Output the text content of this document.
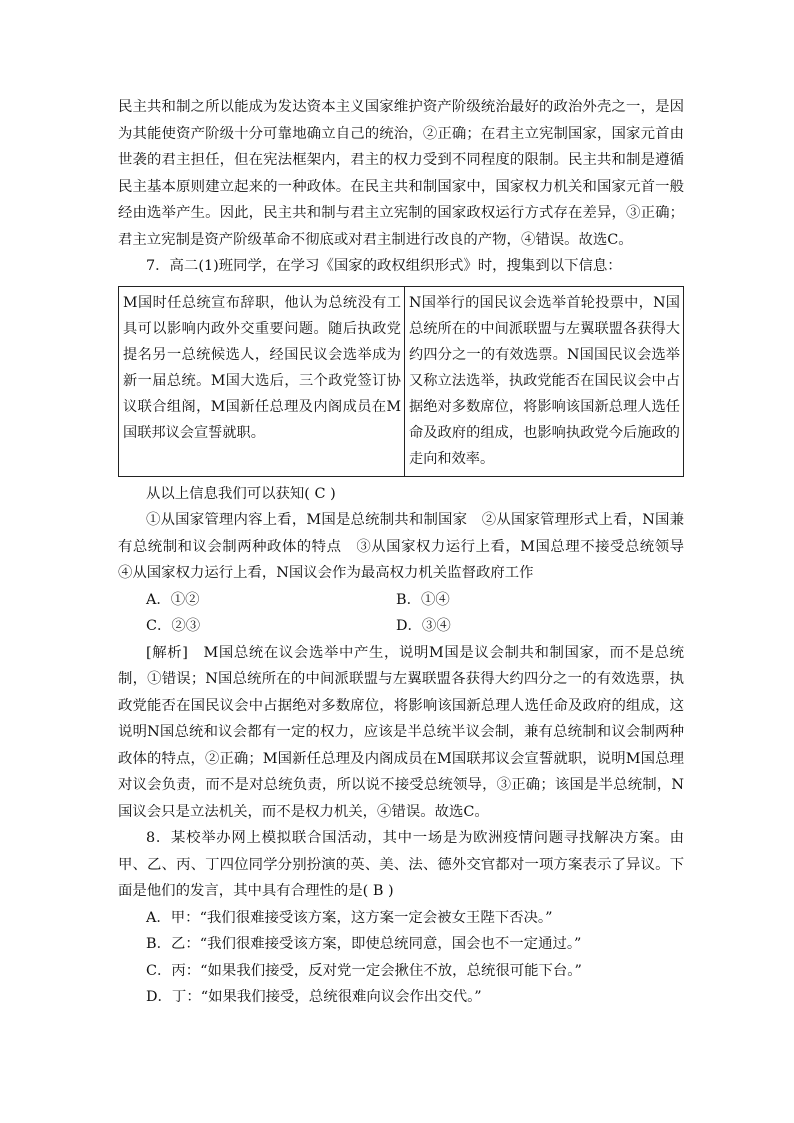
民主共和制之所以能成为发达资本主义国家维护资产阶级统治最好的政治外壳之一，是因为其能使资产阶级十分可靠地确立自己的统治，②正确；在君主立宪制国家，国家元首由世袭的君主担任，但在宪法框架内，君主的权力受到不同程度的限制。民主共和制是遵循民主基本原则建立起来的一种政体。在民主共和制国家中，国家权力机关和国家元首一般经由选举产生。因此，民主共和制与君主立宪制的国家政权运行方式存在差异，③正确；君主立宪制是资产阶级革命不彻底或对君主制进行改良的产物，④错误。故选C。

7．高二(1)班同学，在学习《国家的政权组织形式》时，搜集到以下信息：

M国时任总统宣布辞职，他认为总统没有工具可以影响内政外交重要问题。随后执政党提名另一总统候选人，经国民议会选举成为新一届总统。M国大选后，三个政党签订协议联合组阁，M国新任总理及内阁成员在M国联邦议会宣誓就职。	N国举行的国民议会选举首轮投票中，N国总统所在的中间派联盟与左翼联盟各获得大约四分之一的有效选票。N国国民议会选举又称立法选举，执政党能否在国民议会中占据绝对多数席位，将影响该国新总理人选任命及政府的组成，也影响执政党今后施政的走向和效率。

从以上信息我们可以获知( C )

①从国家管理内容上看，M国是总统制共和制国家　②从国家管理形式上看，N国兼有总统制和议会制两种政体的特点　③从国家权力运行上看，M国总理不接受总统领导　④从国家权力运行上看，N国议会作为最高权力机关监督政府工作

A．①②	B．①④

C．②③	D．③④

[解析]　M国总统在议会选举中产生，说明M国是议会制共和制国家，而不是总统制，①错误；N国总统所在的中间派联盟与左翼联盟各获得大约四分之一的有效选票，执政党能否在国民议会中占据绝对多数席位，将影响该国新总理人选任命及政府的组成，这说明N国总统和议会都有一定的权力，应该是半总统半议会制，兼有总统制和议会制两种政体的特点，②正确；M国新任总理及内阁成员在M国联邦议会宣誓就职，说明M国总理对议会负责，而不是对总统负责，所以说不接受总统领导，③正确；该国是半总统制，N国议会只是立法机关，而不是权力机关，④错误。故选C。

8．某校举办网上模拟联合国活动，其中一场是为欧洲疫情问题寻找解决方案。由甲、乙、丙、丁四位同学分别扮演的英、美、法、德外交官都对一项方案表示了异议。下面是他们的发言，其中具有合理性的是( B )

A．甲：“我们很难接受该方案，这方案一定会被女王陛下否决。”

B．乙：“我们很难接受该方案，即使总统同意，国会也不一定通过。”

C．丙：“如果我们接受，反对党一定会揪住不放，总统很可能下台。”

D．丁：“如果我们接受，总统很难向议会作出交代。”
